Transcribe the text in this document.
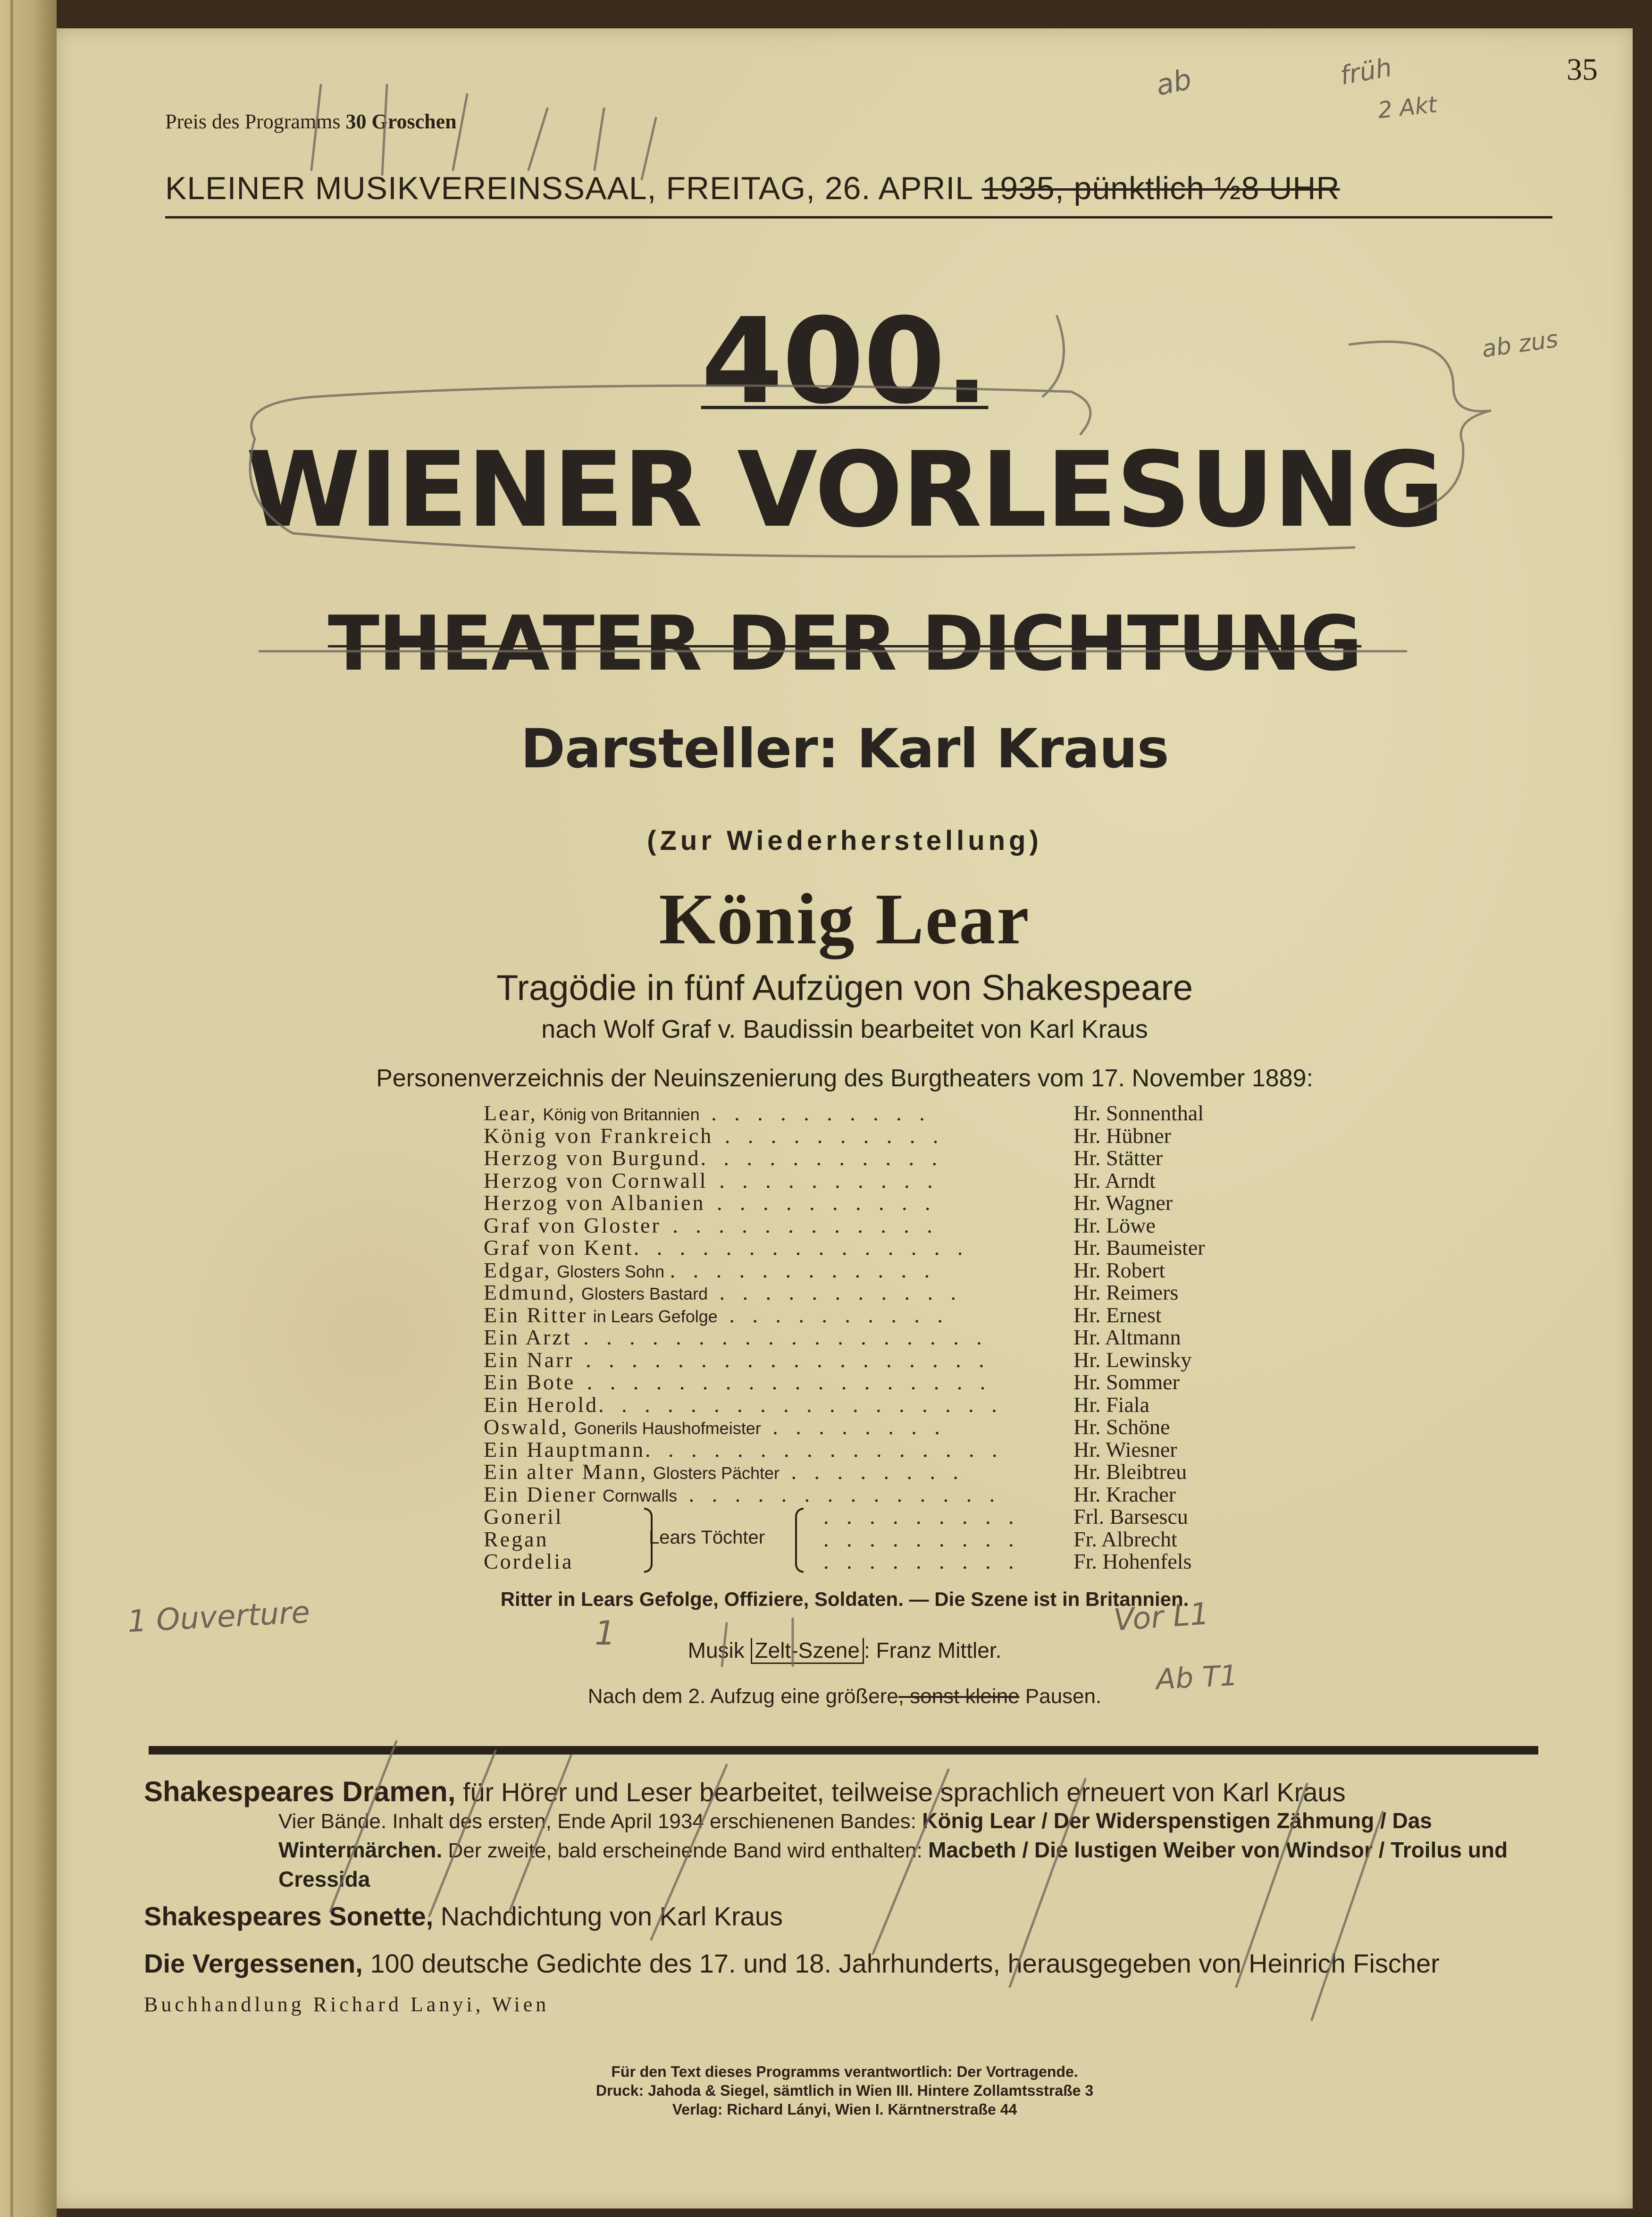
35
Preis des Programms 30 Groschen
KLEINER MUSIKVEREINSSAAL, FREITAG, 26. APRIL 1935, pünktlich ½8 UHR
400.
WIENER VORLESUNG
THEATER DER DICHTUNG
Darsteller: Karl Kraus
(Zur Wiederherstellung)
König Lear
Tragödie in fünf Aufzügen von Shakespeare
nach Wolf Graf v. Baudissin bearbeitet von Karl Kraus
Personenverzeichnis der Neuinszenierung des Burgtheaters vom 17. November 1889:
Lear, König von Britannien . . . . . . . . . .	Hr. Sonnenthal
König von Frankreich . . . . . . . . . .	Hr. Hübner
Herzog von Burgund. . . . . . . . . . .	Hr. Stätter
Herzog von Cornwall . . . . . . . . . .	Hr. Arndt
Herzog von Albanien . . . . . . . . . .	Hr. Wagner
Graf von Gloster . . . . . . . . . . . .	Hr. Löwe
Graf von Kent. . . . . . . . . . . . . . .	Hr. Baumeister
Edgar, Glosters Sohn . . . . . . . . . . . .	Hr. Robert
Edmund, Glosters Bastard . . . . . . . . . . .	Hr. Reimers
Ein Ritter in Lears Gefolge . . . . . . . . . .	Hr. Ernest
Ein Arzt . . . . . . . . . . . . . . . . . .	Hr. Altmann
Ein Narr . . . . . . . . . . . . . . . . . .	Hr. Lewinsky
Ein Bote . . . . . . . . . . . . . . . . . .	Hr. Sommer
Ein Herold. . . . . . . . . . . . . . . . . .	Hr. Fiala
Oswald, Gonerils Haushofmeister . . . . . . . .	Hr. Schöne
Ein Hauptmann. . . . . . . . . . . . . . . .	Hr. Wiesner
Ein alter Mann, Glosters Pächter . . . . . . . .	Hr. Bleibtreu
Ein Diener Cornwalls . . . . . . . . . . . . . .	Hr. Kracher
Goneril	. . . . . . . . . Frl. Barsescu
Regan	. . . . . . . . . Fr. Albrecht
Cordelia	. . . . . . . . . Fr. Hohenfels
Lears Töchter
Ritter in Lears Gefolge, Offiziere, Soldaten. — Die Szene ist in Britannien.
Musik Zelt-Szene : Franz Mittler.
Nach dem 2. Aufzug eine größere, sonst kleine Pausen.
Shakespeares Dramen, für Hörer und Leser bearbeitet, teilweise sprachlich erneuert von Karl Kraus
Vier Bände. Inhalt des ersten, Ende April 1934 erschienenen Bandes: König Lear / Der Widerspenstigen Zähmung / Das Wintermärchen. Der zweite, bald erscheinende Band wird enthalten: Macbeth / Die lustigen Weiber von Windsor / Troilus und Cressida
Shakespeares Sonette, Nachdichtung von Karl Kraus
Die Vergessenen, 100 deutsche Gedichte des 17. und 18. Jahrhunderts, herausgegeben von Heinrich Fischer
Buchhandlung Richard Lanyi, Wien
Für den Text dieses Programms verantwortlich: Der Vortragende.
Druck: Jahoda & Siegel, sämtlich in Wien III. Hintere Zollamtsstraße 3
Verlag: Richard Lányi, Wien I. Kärntnerstraße 44
ab	früh
2 Akt
ab zus
1 Ouverture	1	Vor L1
Ab T1
